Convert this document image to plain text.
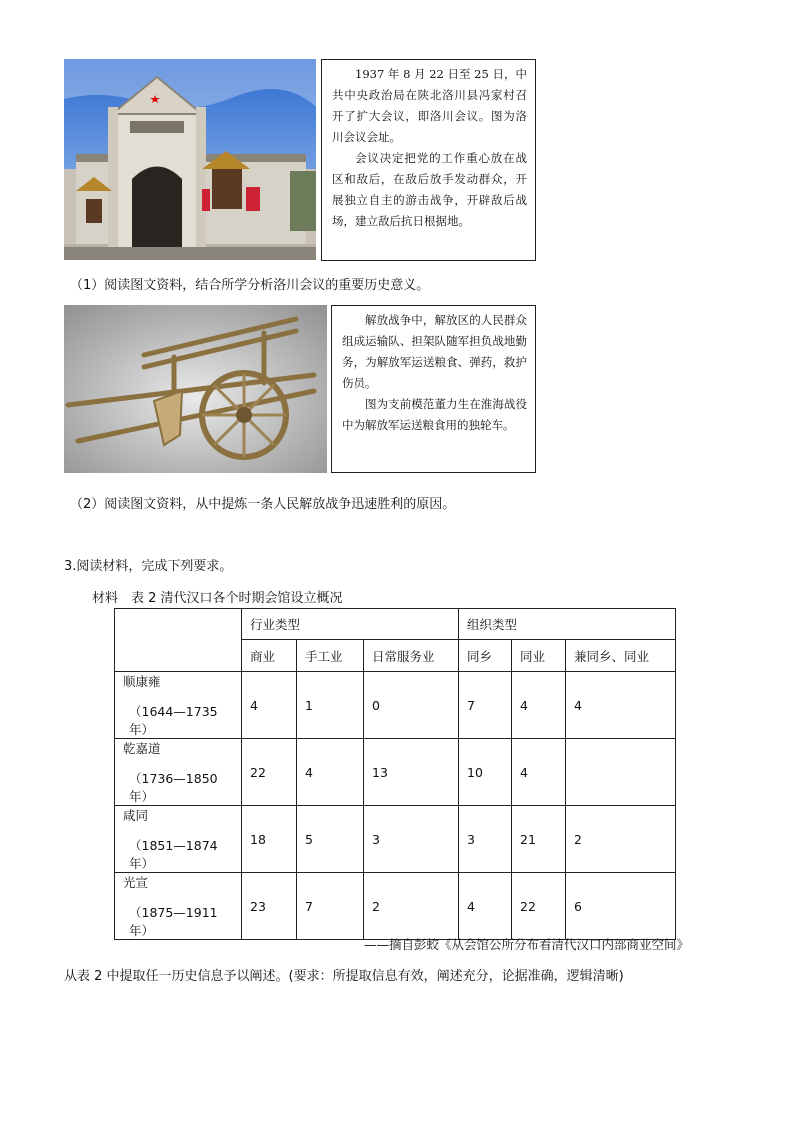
1937 年 8 月 22 日至 25 日，中共中央政治局在陕北洛川县冯家村召开了扩大会议，即洛川会议。图为洛川会议会址。

会议决定把党的工作重心放在战区和敌后，在敌后放手发动群众，开展独立自主的游击战争，开辟敌后战场，建立敌后抗日根据地。

（1）阅读图文资料，结合所学分析洛川会议的重要历史意义。

解放战争中，解放区的人民群众组成运输队、担架队随军担负战地勤务，为解放军运送粮食、弹药，救护伤员。

图为支前模范董力生在淮海战役中为解放军运送粮食用的独轮车。

（2）阅读图文资料，从中提炼一条人民解放战争迅速胜利的原因。
3.阅读材料，完成下列要求。
材料　表 2 清代汉口各个时期会馆设立概况
	行业类型			组织类型		
	商业	手工业	日常服务业	同乡	同业	兼同乡、同业

顺康雍
（1644—1735年）	4	1	0	7	4	4

乾嘉道
（1736—1850年）	22	4	13	10	4	

咸同
（1851—1874年）	18	5	3	3	21	2

光宣
（1875—1911年）	23	7	2	4	22	6
——摘自彭蛟《从会馆公所分布看清代汉口内部商业空间》
从表 2 中提取任一历史信息予以阐述。(要求：所提取信息有效，阐述充分，论据准确，逻辑清晰)
